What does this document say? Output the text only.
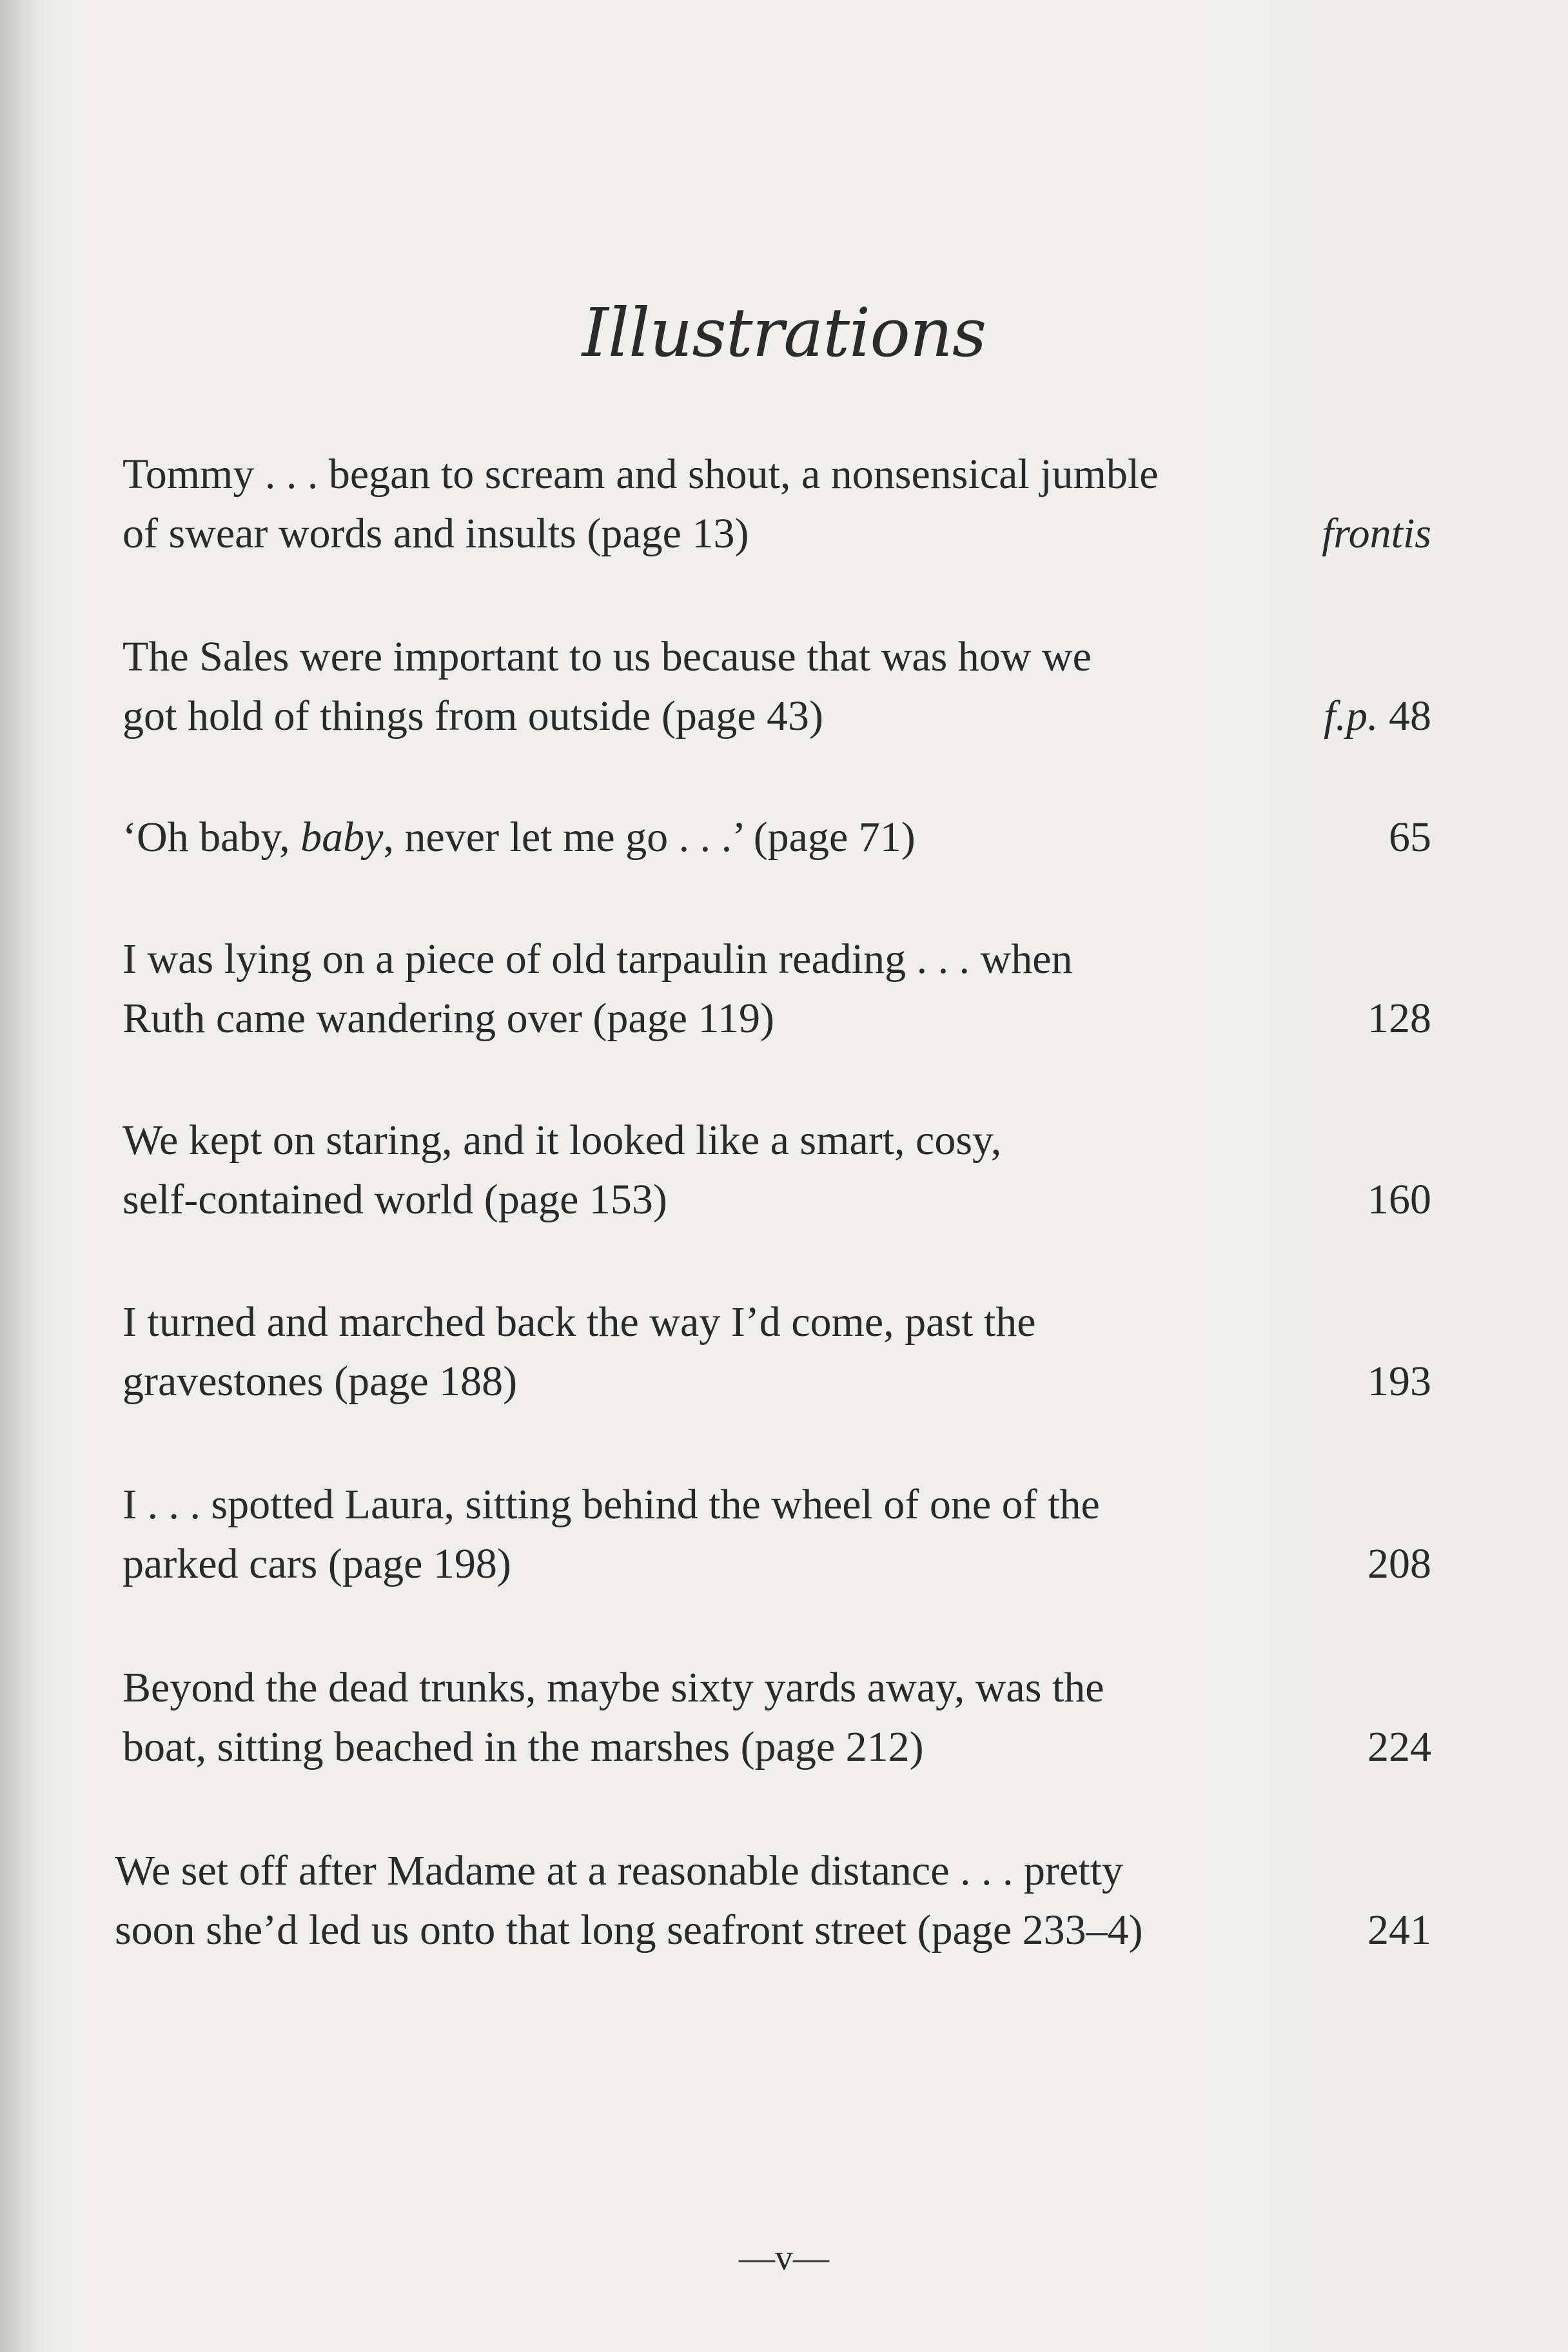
Illustrations
Tommy . . . began to scream and shout, a nonsensical jumble
of swear words and insults (page 13)	frontis
The Sales were important to us because that was how we
got hold of things from outside (page 43)	f.p. 48
‘Oh baby, baby, never let me go . . .’ (page 71)	65
I was lying on a piece of old tarpaulin reading . . . when
Ruth came wandering over (page 119)	128
We kept on staring, and it looked like a smart, cosy,
self-contained world (page 153)	160
I turned and marched back the way I’d come, past the
gravestones (page 188)	193
I . . . spotted Laura, sitting behind the wheel of one of the
parked cars (page 198)	208
Beyond the dead trunks, maybe sixty yards away, was the
boat, sitting beached in the marshes (page 212)	224
We set off after Madame at a reasonable distance . . . pretty
soon she’d led us onto that long seafront street (page 233–4)	241
—v—
